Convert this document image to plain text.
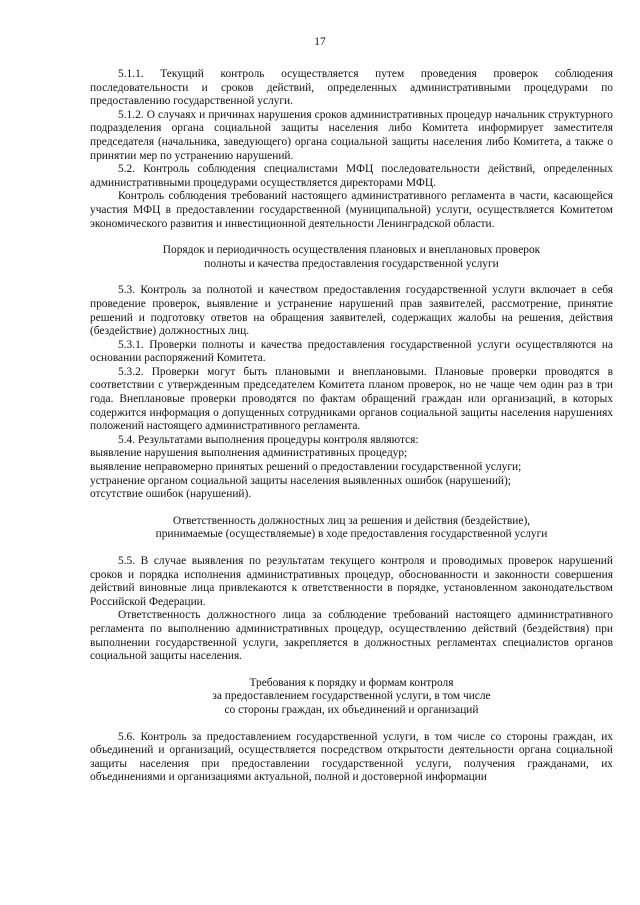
17

5.1.1. Текущий контроль осуществляется путем проведения проверок соблюдения последовательности и сроков действий, определенных административными процедурами по предоставлению государственной услуги.

5.1.2. О случаях и причинах нарушения сроков административных процедур начальник структурного подразделения органа социальной защиты населения либо Комитета информирует заместителя председателя (начальника, заведующего) органа социальной защиты населения либо Комитета, а также о принятии мер по устранению нарушений.

5.2. Контроль соблюдения специалистами МФЦ последовательности действий, определенных административными процедурами осуществляется директорами МФЦ.

Контроль соблюдения требований настоящего административного регламента в части, касающейся участия МФЦ в предоставлении государственной (муниципальной) услуги, осуществляется Комитетом экономического развития и инвестиционной деятельности Ленинградской области.

Порядок и периодичность осуществления плановых и внеплановых проверок
полноты и качества предоставления государственной услуги

5.3. Контроль за полнотой и качеством предоставления государственной услуги включает в себя проведение проверок, выявление и устранение нарушений прав заявителей, рассмотрение, принятие решений и подготовку ответов на обращения заявителей, содержащих жалобы на решения, действия (бездействие) должностных лиц.

5.3.1. Проверки полноты и качества предоставления государственной услуги осуществляются на основании распоряжений Комитета.

5.3.2. Проверки могут быть плановыми и внеплановыми. Плановые проверки проводятся в соответствии с утвержденным председателем Комитета планом проверок, но не чаще чем один раз в три года. Внеплановые проверки проводятся по фактам обращений граждан или организаций, в которых содержится информация о допущенных сотрудниками органов социальной защиты населения нарушениях положений настоящего административного регламента.

5.4. Результатами выполнения процедуры контроля являются:

выявление нарушения выполнения административных процедур;

выявление неправомерно принятых решений о предоставлении государственной услуги;

устранение органом социальной защиты населения выявленных ошибок (нарушений);

отсутствие ошибок (нарушений).

Ответственность должностных лиц за решения и действия (бездействие),
принимаемые (осуществляемые) в ходе предоставления государственной услуги

5.5. В случае выявления по результатам текущего контроля и проводимых проверок нарушений сроков и порядка исполнения административных процедур, обоснованности и законности совершения действий виновные лица привлекаются к ответственности в порядке, установленном законодательством Российской Федерации.

Ответственность должностного лица за соблюдение требований настоящего административного регламента по выполнению административных процедур, осуществлению действий (бездействия) при выполнении государственной услуги, закрепляется в должностных регламентах специалистов органов социальной защиты населения.

Требования к порядку и формам контроля
за предоставлением государственной услуги, в том числе
со стороны граждан, их объединений и организаций

5.6. Контроль за предоставлением государственной услуги, в том числе со стороны граждан, их объединений и организаций, осуществляется посредством открытости деятельности органа социальной защиты населения при предоставлении государственной услуги, получения гражданами, их объединениями и организациями актуальной, полной и достоверной информации
